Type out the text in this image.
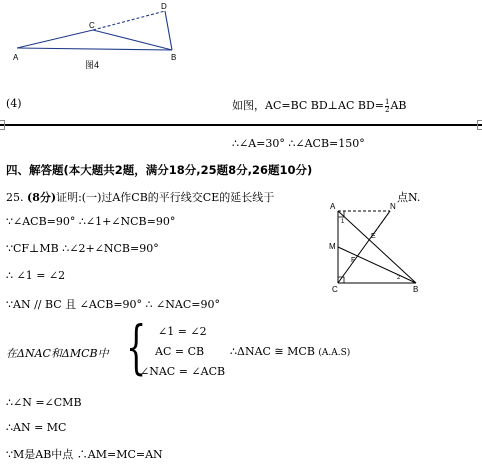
A
C
D
B
图4
(4)	如图，AC=BC BD⊥AC $BD= \frac{1}{2}$ AB
∴∠A=30° ∴∠ACB=150°
四、解答题(本大题共2题，满分18分,25题8分,26题10分)
25. (8分)证明:(一)过A作CB的平行线交CE的延长线于	点N.
∵∠ACB=90° ∴∠1+∠NCB=90°
∵CF⊥MB ∴∠2+∠NCB=90°
∴ ∠1 = ∠2
∵AN // BC 且 ∠ACB=90° ∴ ∠NAC=90°
在ΔNAC和ΔMCB中 { ∠1 = ∠2
AC = CB
∠NAC = ∠ACB
∴ΔNAC ≅ MCB (A.A.S)
∴∠N =∠CMB
∴AN = MC
∵M是AB中点 ∴AM=MC=AN
A	N
E
M
F
C	B
1
2
